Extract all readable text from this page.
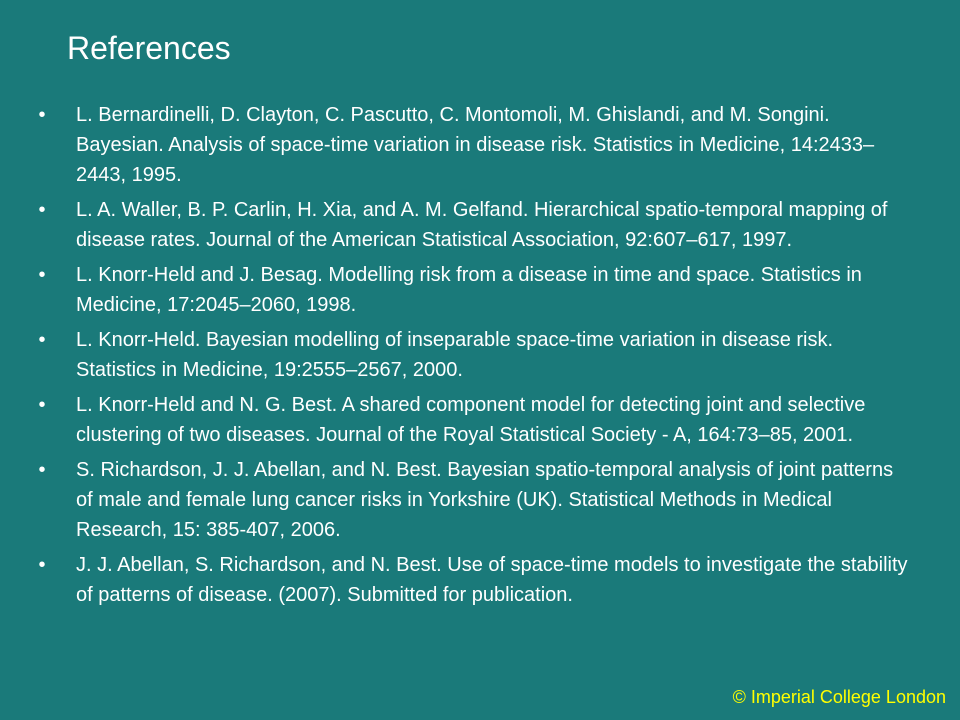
References
•	L. Bernardinelli, D. Clayton, C. Pascutto, C. Montomoli, M. Ghislandi, and M. Songini. Bayesian. Analysis of space-time variation in disease risk. Statistics in Medicine, 14:2433–2443, 1995.
•	L. A. Waller, B. P. Carlin, H. Xia, and A. M. Gelfand. Hierarchical spatio-temporal mapping of disease rates. Journal of the American Statistical Association, 92:607–617, 1997.
•	L. Knorr-Held and J. Besag. Modelling risk from a disease in time and space. Statistics in Medicine, 17:2045–2060, 1998.
•	L. Knorr-Held. Bayesian modelling of inseparable space-time variation in disease risk. Statistics in Medicine, 19:2555–2567, 2000.
•	L. Knorr-Held and N. G. Best. A shared component model for detecting joint and selective clustering of two diseases. Journal of the Royal Statistical Society - A, 164:73–85, 2001.
•	S. Richardson, J. J. Abellan, and N. Best. Bayesian spatio-temporal analysis of joint patterns of male and female lung cancer risks in Yorkshire (UK). Statistical Methods in Medical Research, 15: 385-407, 2006.
•	J. J. Abellan, S. Richardson, and N. Best. Use of space-time models to investigate the stability of patterns of disease. (2007). Submitted for publication.
© Imperial College London
